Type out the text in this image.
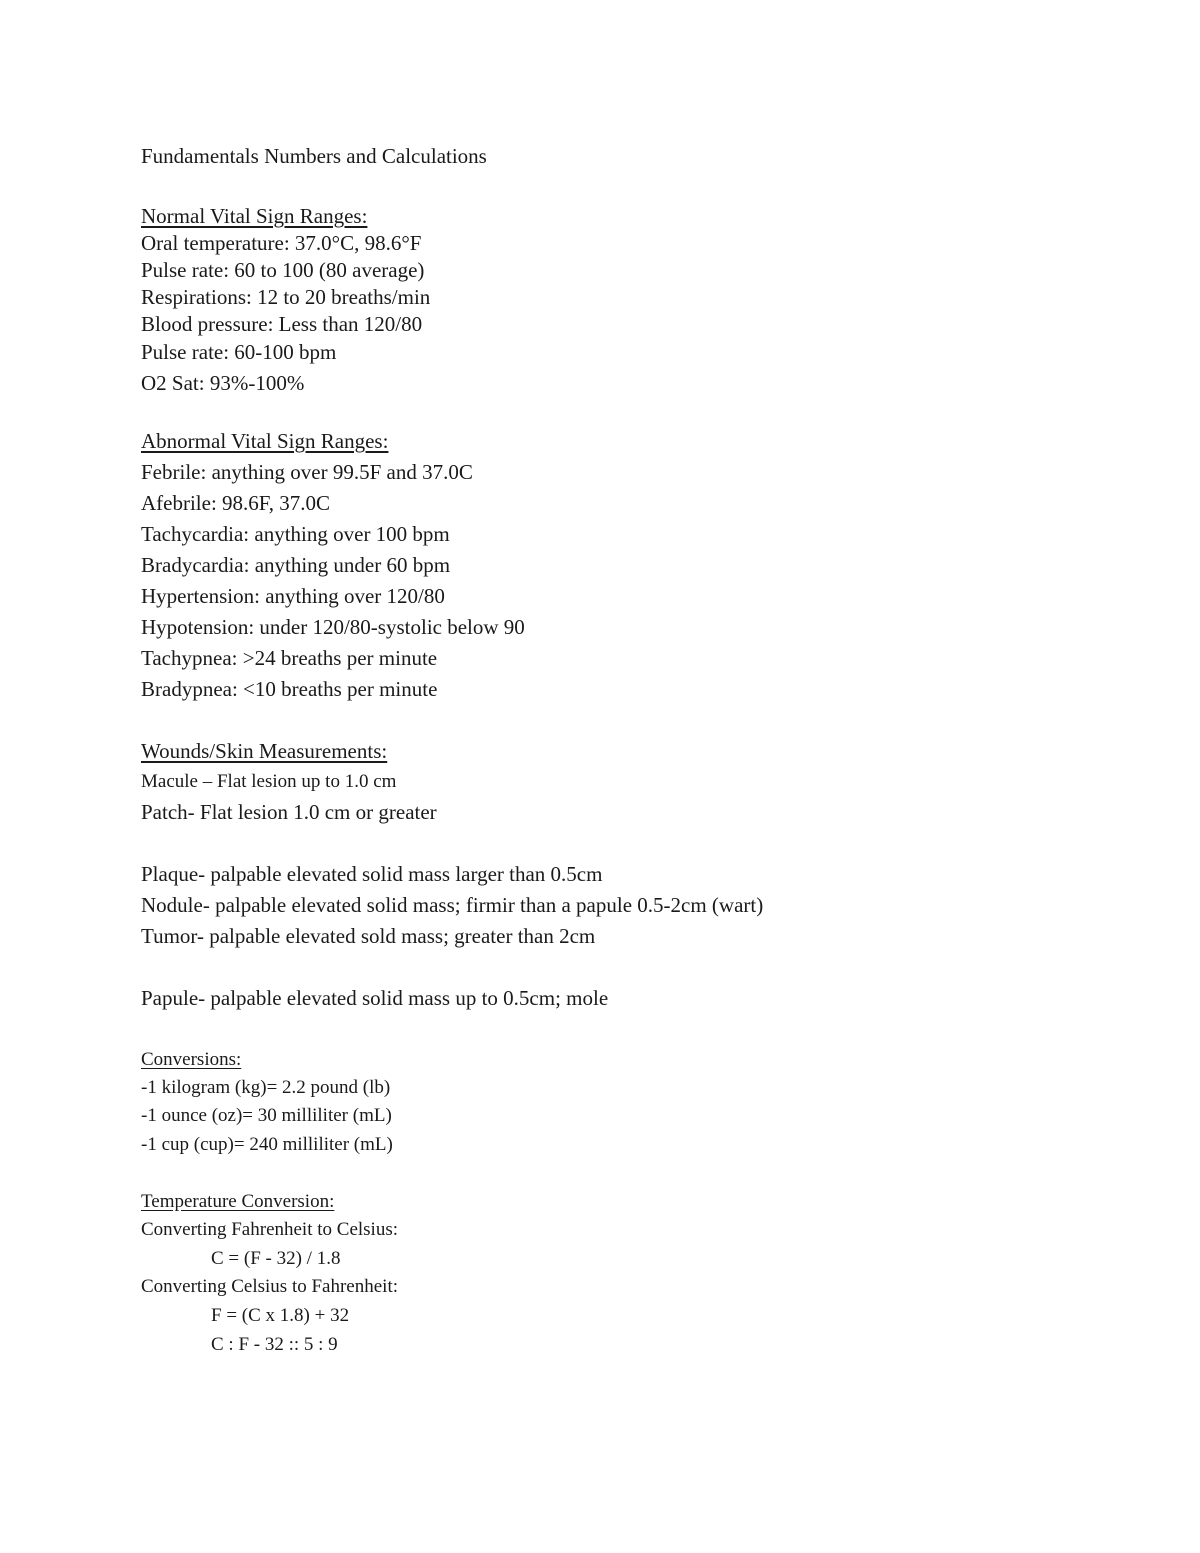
Fundamentals Numbers and Calculations
Normal Vital Sign Ranges:
Oral temperature: 37.0°C, 98.6°F
Pulse rate: 60 to 100 (80 average)
Respirations: 12 to 20 breaths/min
Blood pressure: Less than 120/80
Pulse rate: 60-100 bpm
O2 Sat: 93%-100%
Abnormal Vital Sign Ranges:
Febrile: anything over 99.5F and 37.0C
Afebrile: 98.6F, 37.0C
Tachycardia: anything over 100 bpm
Bradycardia: anything under 60 bpm
Hypertension: anything over 120/80
Hypotension: under 120/80-systolic below 90
Tachypnea: >24 breaths per minute
Bradypnea: <10 breaths per minute
Wounds/Skin Measurements:
Macule – Flat lesion up to 1.0 cm
Patch- Flat lesion 1.0 cm or greater
Plaque- palpable elevated solid mass larger than 0.5cm
Nodule- palpable elevated solid mass; firmir than a papule 0.5-2cm (wart)
Tumor- palpable elevated sold mass; greater than 2cm
Papule- palpable elevated solid mass up to 0.5cm; mole
Conversions:
-1 kilogram (kg)= 2.2 pound (lb)
-1 ounce (oz)= 30 milliliter (mL)
-1 cup (cup)= 240 milliliter (mL)
Temperature Conversion:
Converting Fahrenheit to Celsius:
C = (F - 32) / 1.8
Converting Celsius to Fahrenheit:
F = (C x 1.8) + 32
C : F - 32 :: 5 : 9
